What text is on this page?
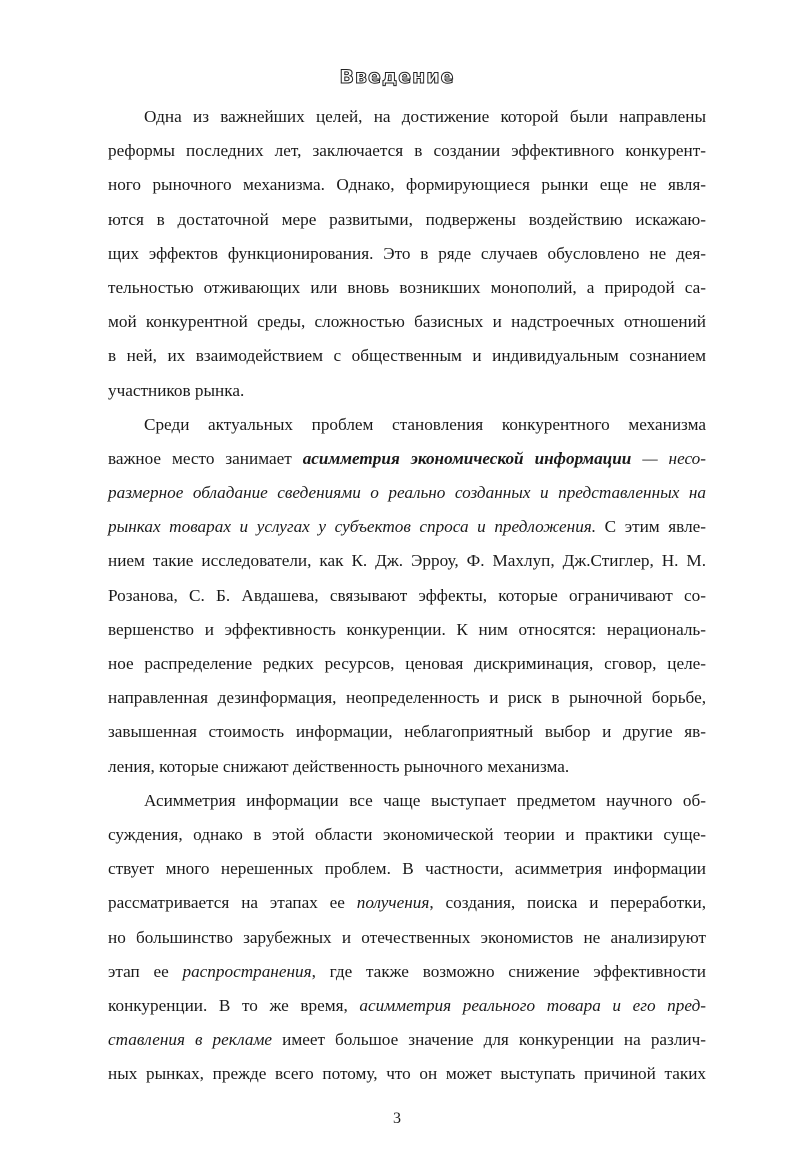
Введение
Одна из важнейших целей, на достижение которой были направлены
реформы последних лет, заключается в создании эффективного конкурент-
ного рыночного механизма. Однако, формирующиеся рынки еще не явля-
ются в достаточной мере развитыми, подвержены воздействию искажаю-
щих эффектов функционирования. Это в ряде случаев обусловлено не дея-
тельностью отживающих или вновь возникших монополий, а природой са-
мой конкурентной среды, сложностью базисных и надстроечных отношений
в ней, их взаимодействием с общественным и индивидуальным сознанием
участников рынка.
Среди актуальных проблем становления конкурентного механизма
важное место занимает асимметрия экономической информации — несо-
размерное обладание сведениями о реально созданных и представленных на
рынках товарах и услугах у субъектов спроса и предложения. С этим явле-
нием такие исследователи, как К. Дж. Эрроу, Ф. Махлуп, Дж.Стиглер, Н. М.
Розанова, С. Б. Авдашева, связывают эффекты, которые ограничивают со-
вершенство и эффективность конкуренции. К ним относятся: нерациональ-
ное распределение редких ресурсов, ценовая дискриминация, сговор, целе-
направленная дезинформация, неопределенность и риск в рыночной борьбе,
завышенная стоимость информации, неблагоприятный выбор и другие яв-
ления, которые снижают действенность рыночного механизма.
Асимметрия информации все чаще выступает предметом научного об-
суждения, однако в этой области экономической теории и практики суще-
ствует много нерешенных проблем. В частности, асимметрия информации
рассматривается на этапах ее получения, создания, поиска и переработки,
но большинство зарубежных и отечественных экономистов не анализируют
этап ее распространения, где также возможно снижение эффективности
конкуренции. В то же время, асимметрия реального товара и его пред-
ставления в рекламе имеет большое значение для конкуренции на различ-
ных рынках, прежде всего потому, что он может выступать причиной таких
3
